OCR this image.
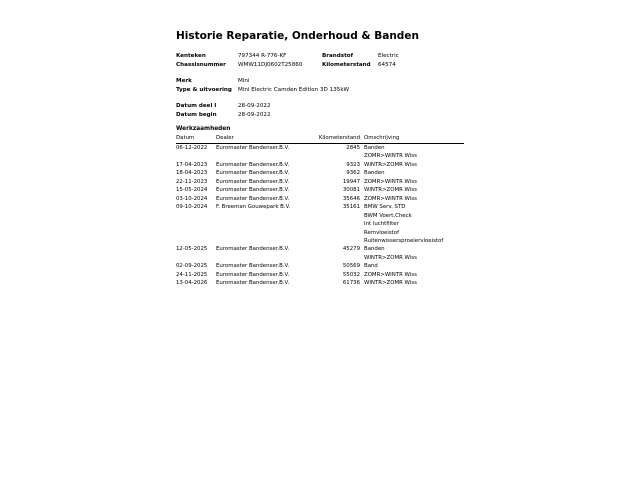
Historie Reparatie, Onderhoud & Banden
Kenteken	797344 R-776-KF	Brandstof	Electric
Chassisnummer WMW11DJ0602T25860	Kilometerstand 64574
Merk	Mini
Type & uitvoering Mini Electric Camden Edition 3D 135kW
Datum deel I	28-09-2022
Datum begin	28-09-2022
Werkzaamheden
Datum	Dealer	Kilometerstand	Omschrijving
06-12-2022	Euromaster Bandenser.B.V.	2845	Banden
			ZOMR>WINTR Wiss
17-04-2023	Euromaster Bandenser.B.V.	9323	WINTR>ZOMR Wiss
18-04-2023	Euromaster Bandenser.B.V.	9362	Banden
22-11-2023	Euromaster Bandenser.B.V.	19947	ZOMR>WINTR Wiss
15-05-2024	Euromaster Bandenser.B.V.	30081	WINTR>ZOMR Wiss
03-10-2024	Euromaster Bandenser.B.V.	35646	ZOMR>WINTR Wiss
09-10-2024	F. Breeman Gouwepark B.V.	35161	BMW Serv. STD
			BWM Voert.Check
			Int luchtfilter
			Remvloeistof
			Ruitenwissersproeiervloeistof
12-05-2025	Euromaster Bandenser.B.V.	45279	Banden
			WINTR>ZOMR Wiss
02-09-2025	Euromaster Bandenser.B.V.	50569	Band
24-11-2025	Euromaster Bandenser.B.V.	55032	ZOMR>WINTR Wiss
13-04-2026	Euromaster Bandenser.B.V.	61736	WINTR>ZOMR Wiss
